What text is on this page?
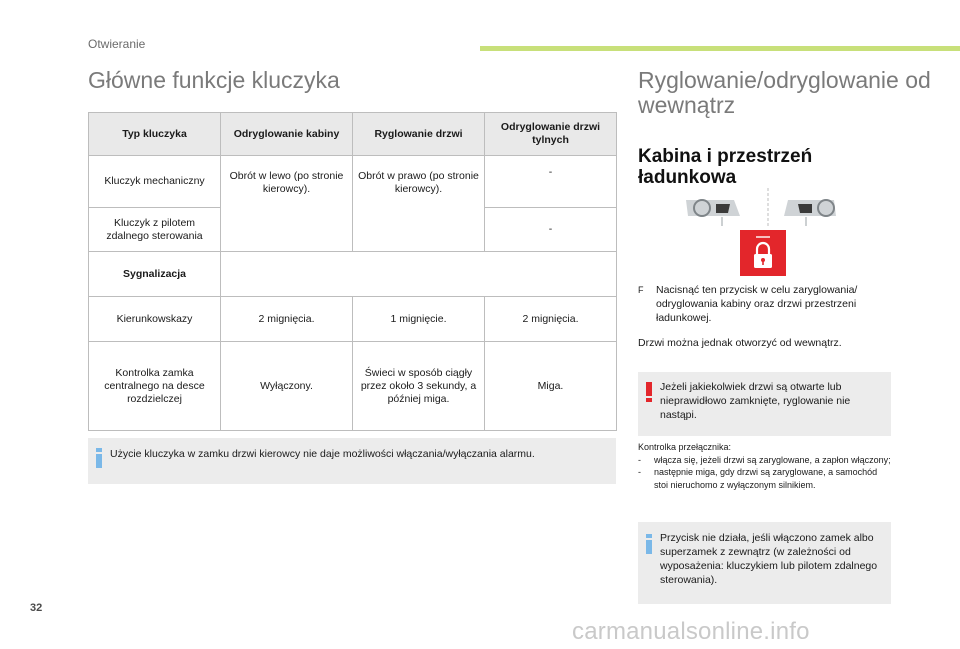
Otwieranie
Główne funkcje kluczyka
Typ kluczyka	Odryglowanie kabiny	Ryglowanie drzwi	Odryglowanie drzwi tylnych
Kluczyk mechaniczny	Obrót w lewo (po stronie kierowcy).	Obrót w prawo (po stronie kierowcy).	-
Kluczyk z pilotem zdalnego sterowania			-
Sygnalizacja			
Kierunkowskazy	2 mignięcia.	1 mignięcie.	2 mignięcia.
Kontrolka zamka centralnego na desce rozdzielczej	Wyłączony.	Świeci w sposób ciągły przez około 3 sekundy, a później miga.	Miga.
Użycie kluczyka w zamku drzwi kierowcy nie daje możliwości włączania/wyłączania alarmu.
Ryglowanie/odryglowanie od wewnątrz
Kabina i przestrzeń ładunkowa
F Nacisnąć ten przycisk w celu zaryglowania/ odryglowania kabiny oraz drzwi przestrzeni ładunkowej.
Drzwi można jednak otworzyć od wewnątrz.
Jeżeli jakiekolwiek drzwi są otwarte lub nieprawidłowo zamknięte, ryglowanie nie nastąpi.
Kontrolka przełącznika:
- włącza się, jeżeli drzwi są zaryglowane, a zapłon włączony;
- następnie miga, gdy drzwi są zaryglowane, a samochód stoi nieruchomo z wyłączonym silnikiem.
Przycisk nie działa, jeśli włączono zamek albo superzamek z zewnątrz (w zależności od wyposażenia: kluczykiem lub pilotem zdalnego sterowania).
32
carmanualsonline.info
